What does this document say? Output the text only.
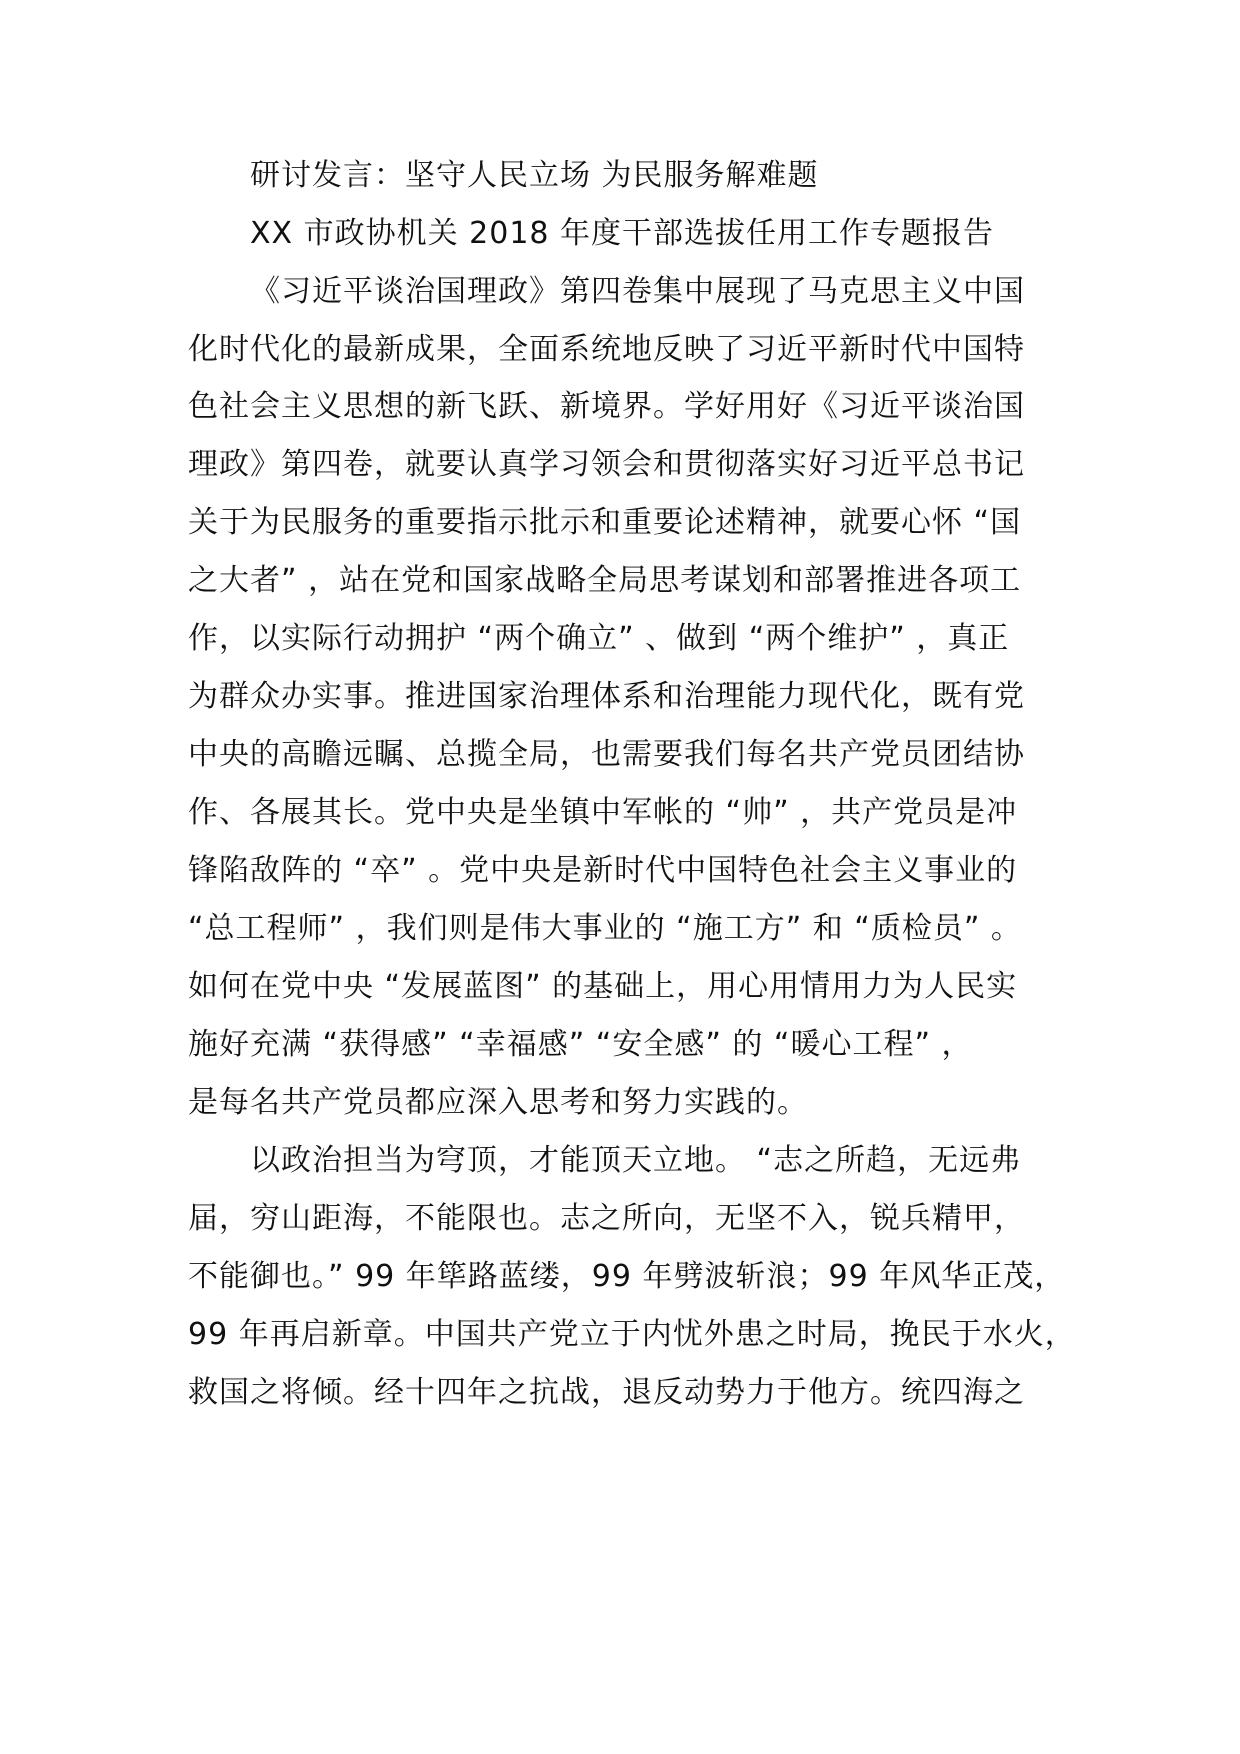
研讨发言：坚守人民立场 为民服务解难题

XX 市政协机关 2018 年度干部选拔任用工作专题报告

《习近平谈治国理政》第四卷集中展现了马克思主义中国

化时代化的最新成果，全面系统地反映了习近平新时代中国特

色社会主义思想的新飞跃、新境界。学好用好《习近平谈治国

理政》第四卷，就要认真学习领会和贯彻落实好习近平总书记

关于为民服务的重要指示批示和重要论述精神，就要心怀 “国

之大者” ，站在党和国家战略全局思考谋划和部署推进各项工

作，以实际行动拥护 “两个确立” 、做到 “两个维护” ，真正

为群众办实事。推进国家治理体系和治理能力现代化，既有党

中央的高瞻远瞩、总揽全局，也需要我们每名共产党员团结协

作、各展其长。党中央是坐镇中军帐的 “帅” ，共产党员是冲

锋陷敌阵的 “卒” 。党中央是新时代中国特色社会主义事业的

“总工程师” ，我们则是伟大事业的 “施工方” 和 “质检员” 。

如何在党中央 “发展蓝图” 的基础上，用心用情用力为人民实

施好充满 “获得感” “幸福感” “安全感” 的 “暖心工程” ，

是每名共产党员都应深入思考和努力实践的。

以政治担当为穹顶，才能顶天立地。 “志之所趋，无远弗

届，穷山距海，不能限也。志之所向，无坚不入，锐兵精甲，

不能御也。” 99 年筚路蓝缕，99 年劈波斩浪；99 年风华正茂，

99 年再启新章。中国共产党立于内忧外患之时局，挽民于水火，

救国之将倾。经十四年之抗战，退反动势力于他方。统四海之
